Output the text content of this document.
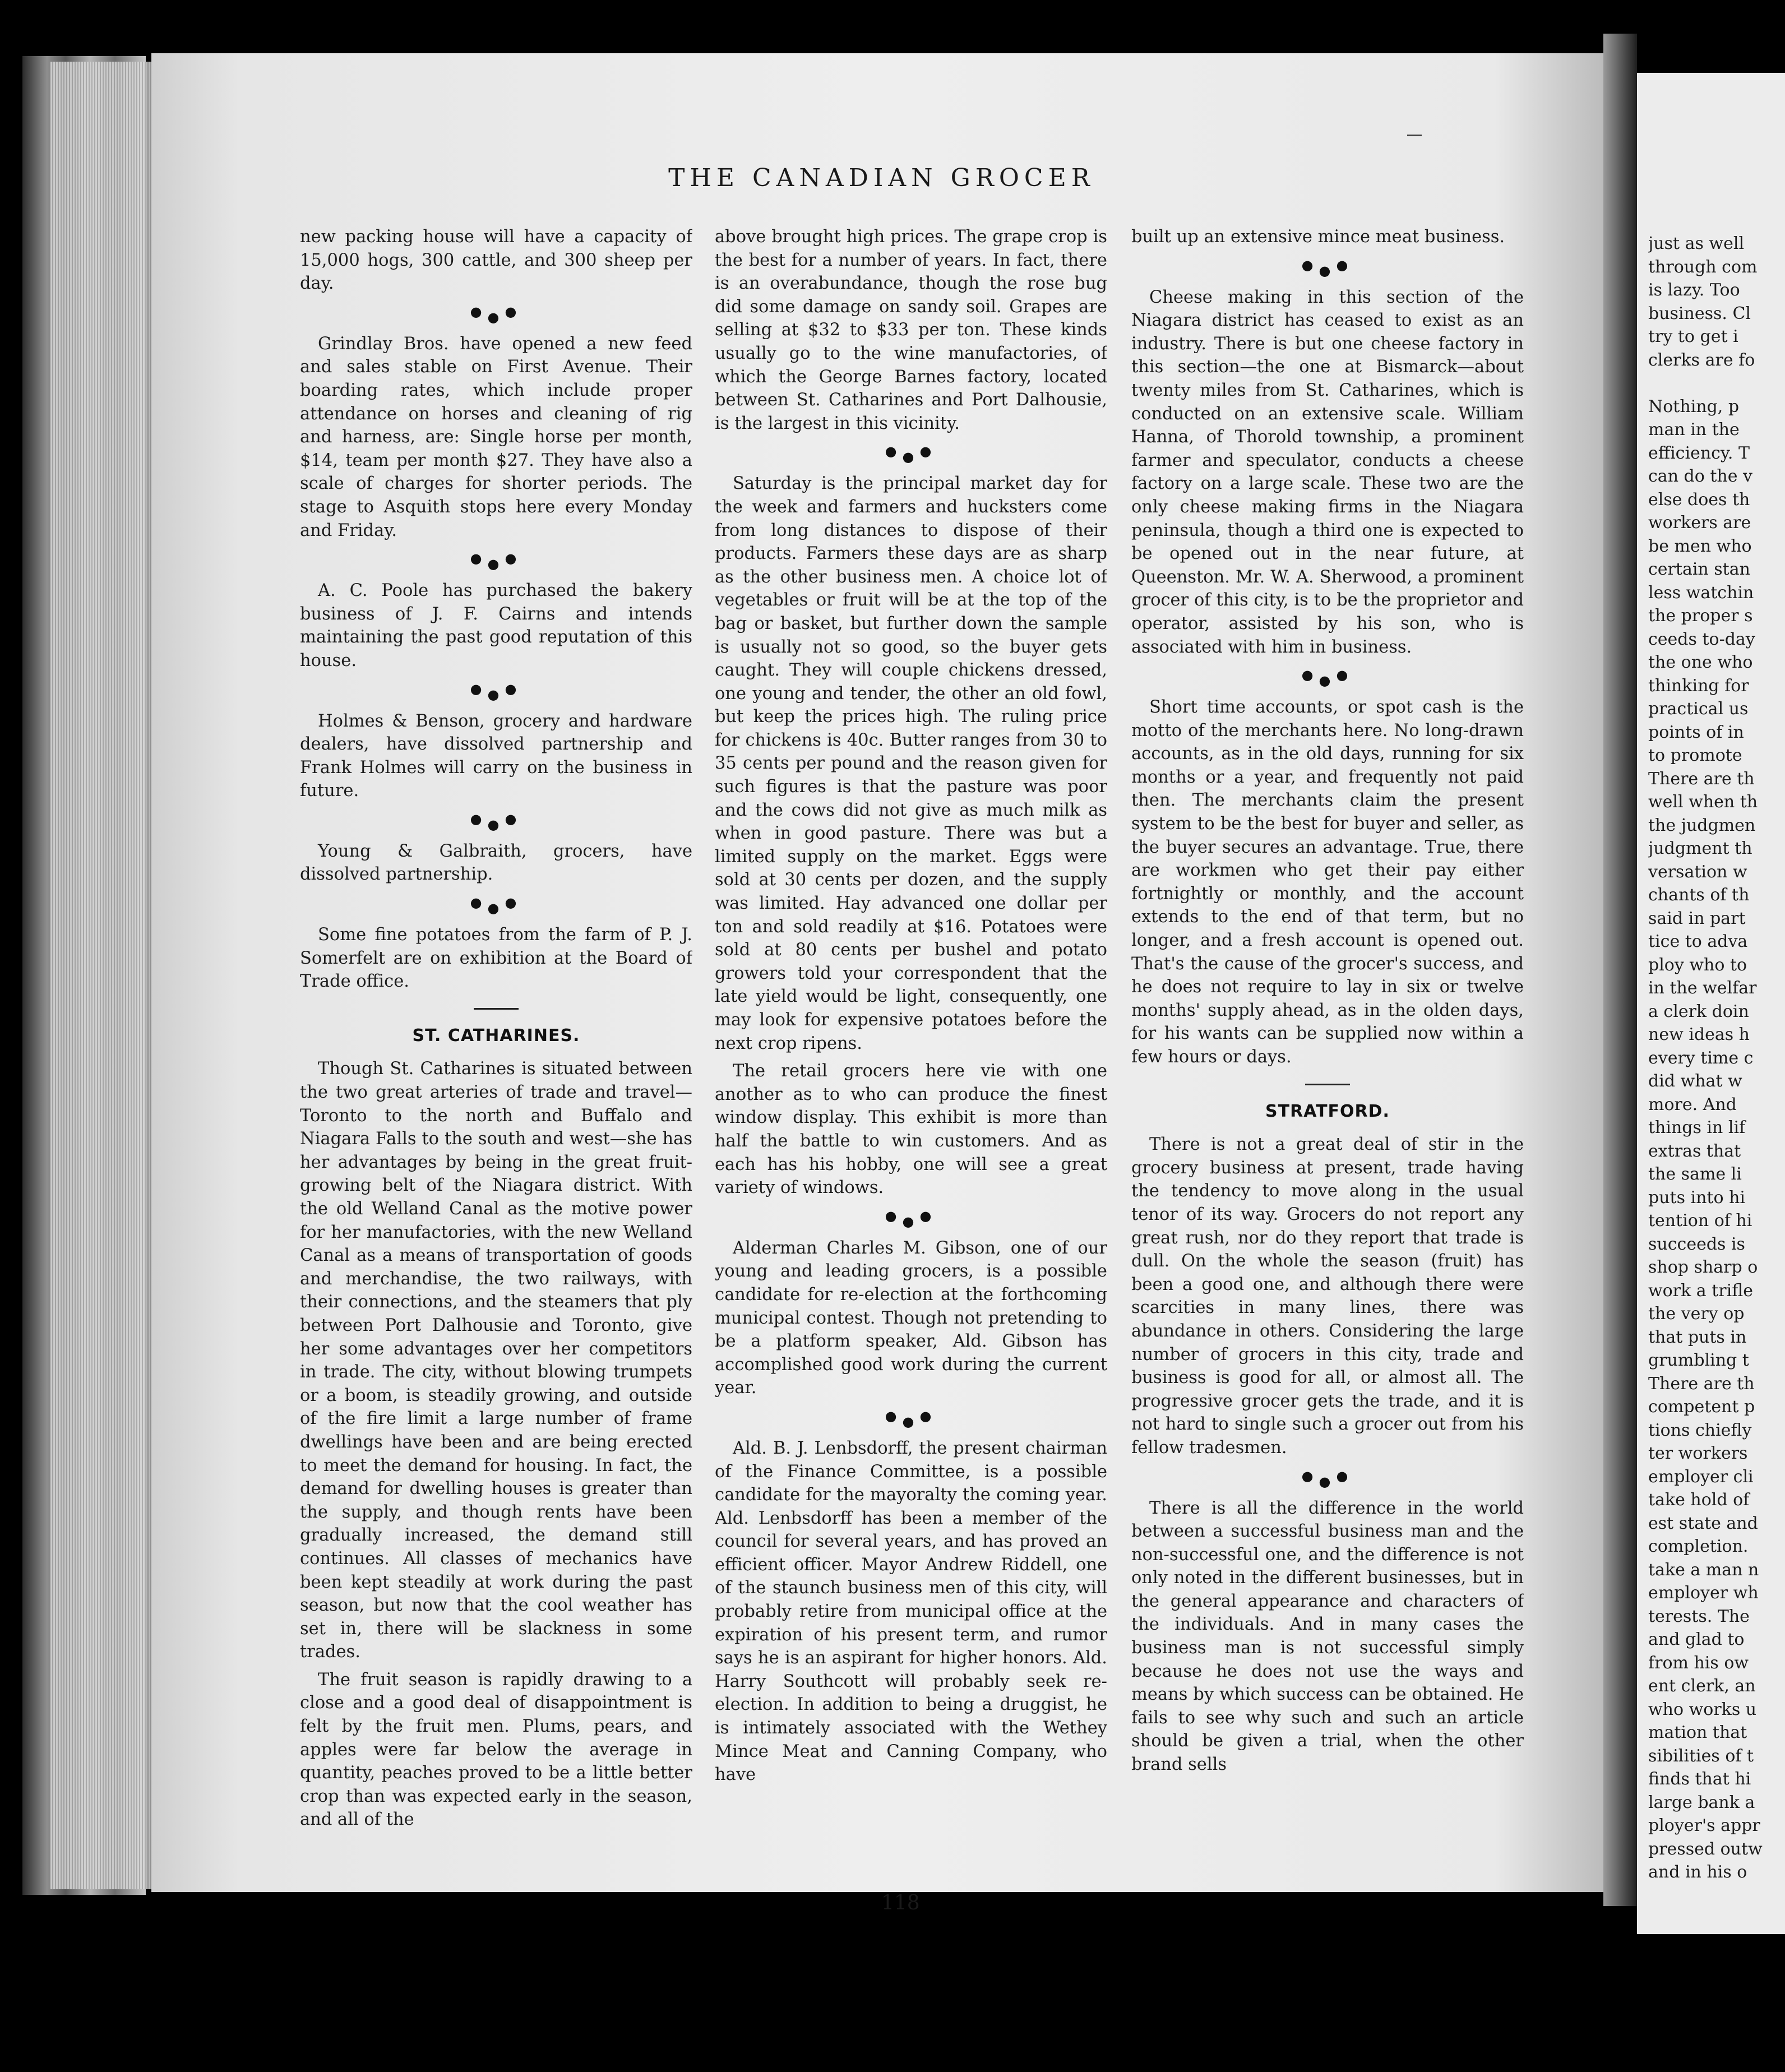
just as well
through com
is lazy. Too
business. Cl
try to get i
clerks are fo
Nothing, p
man in the
efficiency. T
can do the v
else does th
workers are
be men who
certain stan
less watchin
the proper s
ceeds to-day
the one who
thinking for
practical us
points of in
to promote
There are th
well when th
the judgmen
judgment th
versation w
chants of th
said in part
tice to adva
ploy who to
in the welfar
a clerk doin
new ideas h
every time c
did what w
more. And
things in lif
extras that
the same li
puts into hi
tention of hi
succeeds is
shop sharp o
work a trifle
the very op
that puts in
grumbling t
There are th
competent p
tions chiefly
ter workers
employer cli
take hold of
est state and
completion.
take a man n
employer wh
terests. The
and glad to
from his ow
ent clerk, an
who works u
mation that
sibilities of t
finds that hi
large bank a
ployer's appr
pressed outw
and in his o
THE CANADIAN GROCER

new packing house will have a capacity of 15,000 hogs, 300 cattle, and 300 sheep per day.

●●●

Grindlay Bros. have opened a new feed and sales stable on First Avenue. Their boarding rates, which include proper attendance on horses and cleaning of rig and harness, are: Single horse per month, $14, team per month $27. They have also a scale of charges for shorter periods. The stage to Asquith stops here every Monday and Friday.

●●●

A. C. Poole has purchased the bakery business of J. F. Cairns and intends maintaining the past good reputation of this house.

●●●

Holmes & Benson, grocery and hardware dealers, have dissolved partnership and Frank Holmes will carry on the business in future.

●●●

Young & Galbraith, grocers, have dissolved partnership.

●●●

Some fine potatoes from the farm of P. J. Somerfelt are on exhibition at the Board of Trade office.

ST. CATHARINES.

Though St. Catharines is situated between the two great arteries of trade and travel—Toronto to the north and Buffalo and Niagara Falls to the south and west—she has her advantages by being in the great fruit-growing belt of the Niagara district. With the old Welland Canal as the motive power for her manufactories, with the new Welland Canal as a means of transportation of goods and merchandise, the two railways, with their connections, and the steamers that ply between Port Dalhousie and Toronto, give her some advantages over her competitors in trade. The city, without blowing trumpets or a boom, is steadily growing, and outside of the fire limit a large number of frame dwellings have been and are being erected to meet the demand for housing. In fact, the demand for dwelling houses is greater than the supply, and though rents have been gradually increased, the demand still continues. All classes of mechanics have been kept steadily at work during the past season, but now that the cool weather has set in, there will be slackness in some trades.

The fruit season is rapidly drawing to a close and a good deal of disappointment is felt by the fruit men. Plums, pears, and apples were far below the average in quantity, peaches proved to be a little better crop than was expected early in the season, and all of the

above brought high prices. The grape crop is the best for a number of years. In fact, there is an overabundance, though the rose bug did some damage on sandy soil. Grapes are selling at $32 to $33 per ton. These kinds usually go to the wine manufactories, of which the George Barnes factory, located between St. Catharines and Port Dalhousie, is the largest in this vicinity.

●●●

Saturday is the principal market day for the week and farmers and hucksters come from long distances to dispose of their products. Farmers these days are as sharp as the other business men. A choice lot of vegetables or fruit will be at the top of the bag or basket, but further down the sample is usually not so good, so the buyer gets caught. They will couple chickens dressed, one young and tender, the other an old fowl, but keep the prices high. The ruling price for chickens is 40c. Butter ranges from 30 to 35 cents per pound and the reason given for such figures is that the pasture was poor and the cows did not give as much milk as when in good pasture. There was but a limited supply on the market. Eggs were sold at 30 cents per dozen, and the supply was limited. Hay advanced one dollar per ton and sold readily at $16. Potatoes were sold at 80 cents per bushel and potato growers told your correspondent that the late yield would be light, consequently, one may look for expensive potatoes before the next crop ripens.

The retail grocers here vie with one another as to who can produce the finest window display. This exhibit is more than half the battle to win customers. And as each has his hobby, one will see a great variety of windows.

●●●

Alderman Charles M. Gibson, one of our young and leading grocers, is a possible candidate for re-election at the forthcoming municipal contest. Though not pretending to be a platform speaker, Ald. Gibson has accomplished good work during the current year.

●●●

Ald. B. J. Lenbsdorff, the present chairman of the Finance Committee, is a possible candidate for the mayoralty the coming year. Ald. Lenbsdorff has been a member of the council for several years, and has proved an efficient officer. Mayor Andrew Riddell, one of the staunch business men of this city, will probably retire from municipal office at the expiration of his present term, and rumor says he is an aspirant for higher honors. Ald. Harry Southcott will probably seek re-election. In addition to being a druggist, he is intimately associated with the Wethey Mince Meat and Canning Company, who have

built up an extensive mince meat business.

●●●

Cheese making in this section of the Niagara district has ceased to exist as an industry. There is but one cheese factory in this section—the one at Bismarck—about twenty miles from St. Catharines, which is conducted on an extensive scale. William Hanna, of Thorold township, a prominent farmer and speculator, conducts a cheese factory on a large scale. These two are the only cheese making firms in the Niagara peninsula, though a third one is expected to be opened out in the near future, at Queenston. Mr. W. A. Sherwood, a prominent grocer of this city, is to be the proprietor and operator, assisted by his son, who is associated with him in business.

●●●

Short time accounts, or spot cash is the motto of the merchants here. No long-drawn accounts, as in the old days, running for six months or a year, and frequently not paid then. The merchants claim the present system to be the best for buyer and seller, as the buyer secures an advantage. True, there are workmen who get their pay either fortnightly or monthly, and the account extends to the end of that term, but no longer, and a fresh account is opened out. That's the cause of the grocer's success, and he does not require to lay in six or twelve months' supply ahead, as in the olden days, for his wants can be supplied now within a few hours or days.

STRATFORD.

There is not a great deal of stir in the grocery business at present, trade having the tendency to move along in the usual tenor of its way. Grocers do not report any great rush, nor do they report that trade is dull. On the whole the season (fruit) has been a good one, and although there were scarcities in many lines, there was abundance in others. Considering the large number of grocers in this city, trade and business is good for all, or almost all. The progressive grocer gets the trade, and it is not hard to single such a grocer out from his fellow tradesmen.

●●●

There is all the difference in the world between a successful business man and the non-successful one, and the difference is not only noted in the different businesses, but in the general appearance and characters of the individuals. And in many cases the business man is not successful simply because he does not use the ways and means by which success can be obtained. He fails to see why such and such an article should be given a trial, when the other brand sells

118
